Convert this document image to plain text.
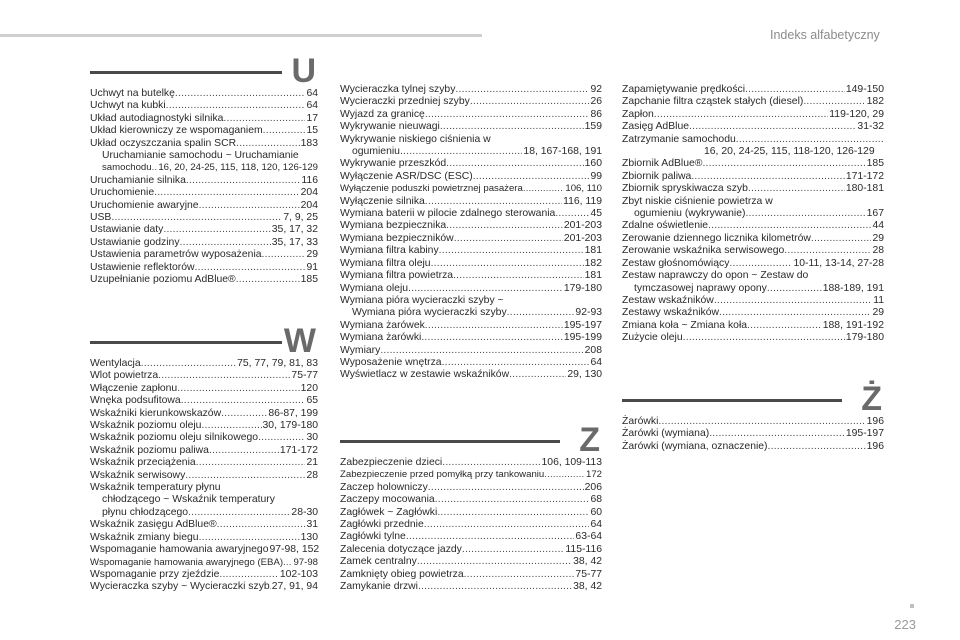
Indeks alfabetyczny
U
Uchwyt na butelkę .....	64
Uchwyt na kubki .....	64
Układ autodiagnostyki silnika .....	17
Układ kierowniczy ze wspomaganiem .....	15
Układ oczyszczania spalin SCR .....	183
Uruchamianie samochodu ~ Uruchamianie
samochodu ..... 16, 20, 24-25, 115, 118, 120, 126-129
Uruchamianie silnika .....	116
Uruchomienie .....	204
Uruchomienie awaryjne .....	204
USB .....	7, 9, 25
Ustawianie daty .....	35, 17, 32
Ustawianie godziny .....	35, 17, 33
Ustawienia parametrów wyposażenia .....	29
Ustawienie reflektorów .....	91
Uzupełnianie poziomu AdBlue® .....	185
W
Wentylacja .....	75, 77, 79, 81, 83
Wlot powietrza .....	75-77
Włączenie zapłonu .....	120
Wnęka podsufitowa .....	65
Wskaźniki kierunkowskazów .....	86-87, 199
Wskaźnik poziomu oleju .....	30, 179-180
Wskaźnik poziomu oleju silnikowego .....	30
Wskaźnik poziomu paliwa .....	171-172
Wskaźnik przeciążenia .....	21
Wskaźnik serwisowy .....	28
Wskaźnik temperatury płynu
chłodzącego ~ Wskaźnik temperatury
płynu chłodzącego .....	28-30
Wskaźnik zasięgu AdBlue® .....	31
Wskaźnik zmiany biegu .....	130
Wspomaganie hamowania awaryjnego 97-98, 152
Wspomaganie hamowania awaryjnego (EBA) ..... 97-98
Wspomaganie przy zjeździe .....	102-103
Wycieraczka szyby ~ Wycieraczki szyb ..... 27, 91, 94
Wycieraczka tylnej szyby .....	92
Wycieraczki przedniej szyby .....	26
Wyjazd za granicę .....	86
Wykrywanie nieuwagi .....	159
Wykrywanie niskiego ciśnienia w
ogumieniu .....	18, 167-168, 191
Wykrywanie przeszkód .....	160
Wyłączenie ASR/DSC (ESC) .....	99
Wyłączenie poduszki powietrznej pasażera .....	106, 110
Wyłączenie silnika .....	116, 119
Wymiana baterii w pilocie zdalnego sterowania .....	45
Wymiana bezpiecznika .....	201-203
Wymiana bezpieczników .....	201-203
Wymiana filtra kabiny .....	181
Wymiana filtra oleju .....	182
Wymiana filtra powietrza .....	181
Wymiana oleju .....	179-180
Wymiana pióra wycieraczki szyby ~
Wymiana pióra wycieraczki szyby .....	92-93
Wymiana żarówek .....	195-197
Wymiana żarówki .....	195-199
Wymiary .....	208
Wyposażenie wnętrza .....	64
Wyświetlacz w zestawie wskaźników .....	29, 130
Z
Zabezpieczenie dzieci .....	106, 109-113
Zabezpieczenie przed pomyłką przy tankowaniu .....	172
Zaczep holowniczy .....	206
Zaczepy mocowania .....	68
Zagłówek ~ Zagłówki .....	60
Zagłówki przednie .....	64
Zagłówki tylne .....	63-64
Zalecenia dotyczące jazdy .....	115-116
Zamek centralny .....	38, 42
Zamknięty obieg powietrza .....	75-77
Zamykanie drzwi .....	38, 42
Zapamiętywanie prędkości .....	149-150
Zapchanie filtra cząstek stałych (diesel) .....	182
Zapłon .....	119-120, 29
Zasięg AdBlue .....	31-32
Zatrzymanie samochodu
.....
16, 20, 24-25, 115, 118-120, 126-129
Zbiornik AdBlue® .....	185
Zbiornik paliwa .....	171-172
Zbiornik spryskiwacza szyb .....	180-181
Zbyt niskie ciśnienie powietrza w
ogumieniu (wykrywanie) .....	167
Zdalne oświetlenie .....	44
Zerowanie dziennego licznika kilometrów .....	29
Zerowanie wskaźnika serwisowego .....	28
Zestaw głośnomówiący .....	10-11, 13-14, 27-28
Zestaw naprawczy do opon ~ Zestaw do
tymczasowej naprawy opony .....	188-189, 191
Zestaw wskaźników .....	11
Zestawy wskaźników .....	29
Zmiana koła ~ Zmiana koła .....	188, 191-192
Zużycie oleju .....	179-180
Ż
Żarówki .....	196
Żarówki (wymiana) .....	195-197
Żarówki (wymiana, oznaczenie) .....	196
223
